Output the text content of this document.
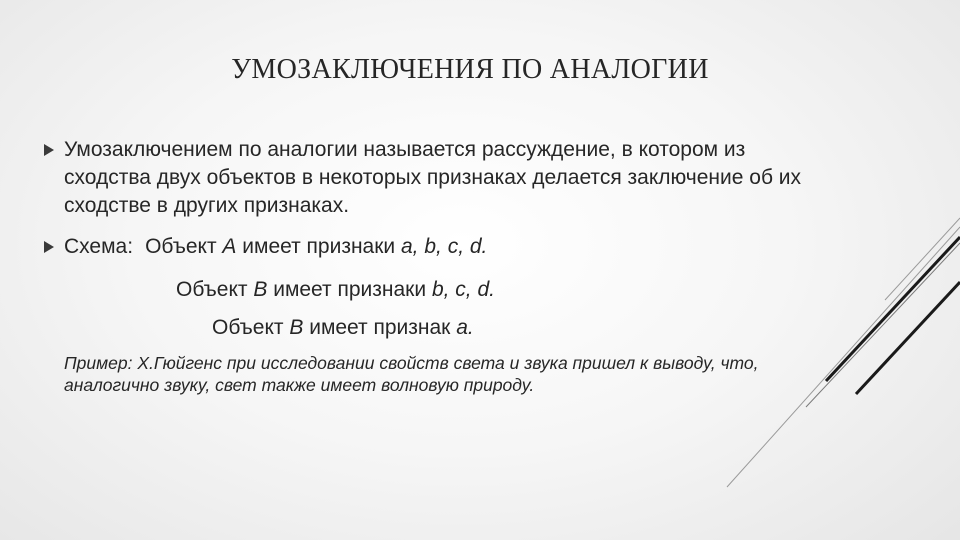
УМОЗАКЛЮЧЕНИЯ ПО АНАЛОГИИ
Умозаключением по аналогии называется рассуждение, в котором из сходства двух объектов в некоторых признаках делается заключение об их сходстве в других признаках.
Схема: Объект А имеет признаки a, b, c, d.
Объект В имеет признаки b, c, d.
Объект В имеет признак а.

Пример: Х.Гюйгенс при исследовании свойств света и звука пришел к выводу, что, аналогично звуку, свет также имеет волновую природу.
